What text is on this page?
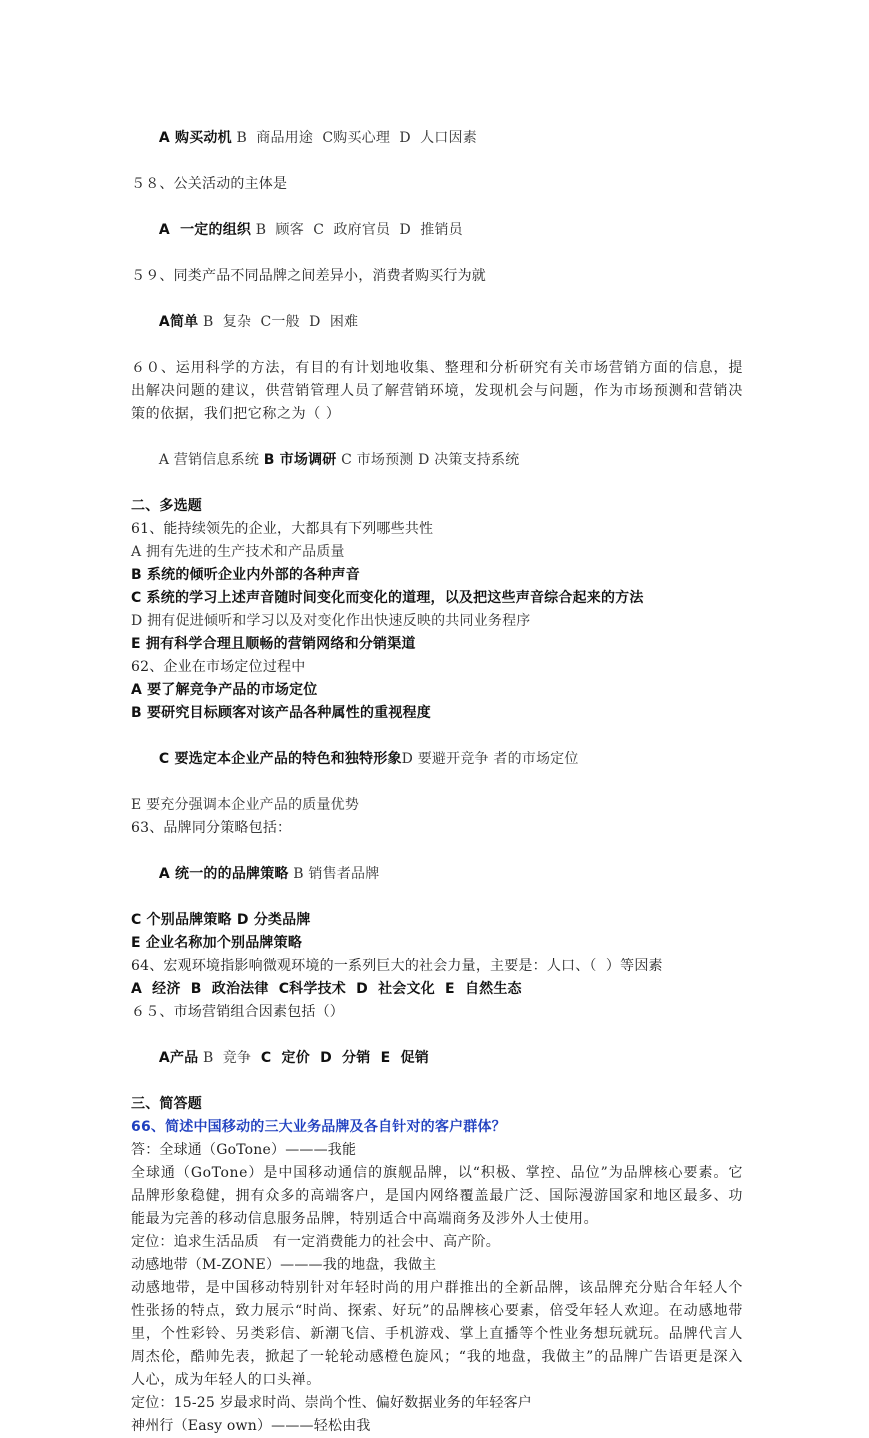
A 购买动机 B  商品用途  C购买心理  D  人口因素

５８、公关活动的主体是

A  一定的组织 B  顾客  C  政府官员  D  推销员

５９、同类产品不同品牌之间差异小，消费者购买行为就

A简单 B  复杂  C一般  D  困难

６０、运用科学的方法，有目的有计划地收集、整理和分析研究有关市场营销方面的信息，提出解决问题的建议，供营销管理人员了解营销环境，发现机会与问题，作为市场预测和营销决策的依据，我们把它称之为（ ）

A 营销信息系统 B 市场调研 C 市场预测 D 决策支持系统

二、多选题
61、能持续领先的企业，大都具有下列哪些共性
A 拥有先进的生产技术和产品质量
B 系统的倾听企业内外部的各种声音
C 系统的学习上述声音随时间变化而变化的道理，以及把这些声音综合起来的方法
D 拥有促进倾听和学习以及对变化作出快速反映的共同业务程序
E 拥有科学合理且顺畅的营销网络和分销渠道
62、企业在市场定位过程中
A 要了解竞争产品的市场定位
B 要研究目标顾客对该产品各种属性的重视程度

C 要选定本企业产品的特色和独特形象D 要避开竞争 者的市场定位

E 要充分强调本企业产品的质量优势
63、品牌同分策略包括：

A 统一的的品牌策略 B 销售者品牌

C 个别品牌策略 D 分类品牌
E 企业名称加个别品牌策略
64、宏观环境指影响微观环境的一系列巨大的社会力量，主要是：人口、（  ）等因素
A  经济  B  政治法律  C科学技术  D  社会文化  E  自然生态
６５、市场营销组合因素包括（）

A产品 B  竞争  C  定价  D  分销  E  促销

三、简答题
66、简述中国移动的三大业务品牌及各自针对的客户群体？
答：全球通（GoTone）———我能
全球通（GoTone）是中国移动通信的旗舰品牌，以“积极、掌控、品位”为品牌核心要素。它品牌形象稳健，拥有众多的高端客户，是国内网络覆盖最广泛、国际漫游国家和地区最多、功能最为完善的移动信息服务品牌，特别适合中高端商务及涉外人士使用。
定位：追求生活品质   有一定消费能力的社会中、高产阶。
动感地带（M-ZONE）———我的地盘，我做主
动感地带，是中国移动特别针对年轻时尚的用户群推出的全新品牌，该品牌充分贴合年轻人个性张扬的特点，致力展示“时尚、探索、好玩”的品牌核心要素，倍受年轻人欢迎。在动感地带里，个性彩铃、另类彩信、新潮飞信、手机游戏、掌上直播等个性业务想玩就玩。品牌代言人周杰伦，酷帅先表，掀起了一轮轮动感橙色旋风；“我的地盘，我做主”的品牌广告语更是深入人心，成为年轻人的口头禅。
定位：15-25 岁最求时尚、崇尚个性、偏好数据业务的年轻客户
神州行（Easy own）———轻松由我
